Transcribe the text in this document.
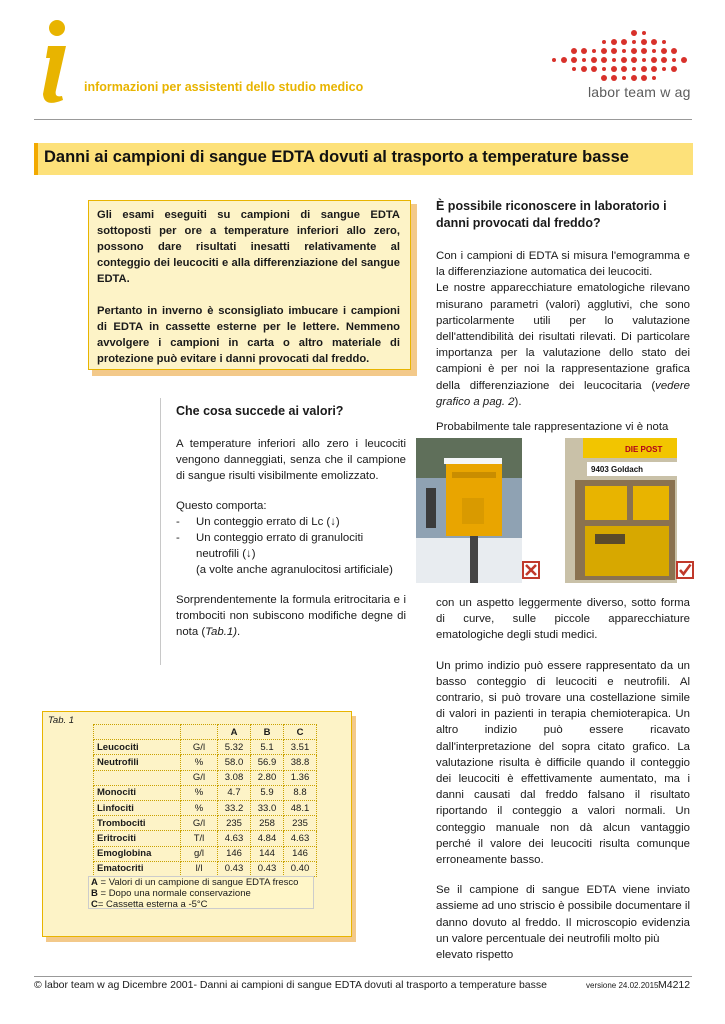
informazioni per assistenti dello studio medico	labor team w ag
Danni ai campioni di sangue EDTA dovuti al trasporto a temperature basse

Gli esami eseguiti su campioni di sangue EDTA sottoposti per ore a temperature inferiori allo zero, possono dare risultati inesatti relativamente al conteggio dei leucociti e alla differenziazione del sangue EDTA.

Pertanto in inverno è sconsigliato imbucare i campioni di EDTA in cassette esterne per le lettere. Nemmeno avvolgere i campioni in carta o altro materiale di protezione può evitare i danni provocati dal freddo.

Che cosa succede ai valori?

A temperature inferiori allo zero i leucociti vengono danneggiati, senza che il campione di sangue risulti visibilmente emolizzato.

Questo comporta:

- Un conteggio errato di Lc (↓)
- Un conteggio errato di granulociti neutrofili (↓)
(a volte anche agranulocitosi artificiale)

Sorprendentemente la formula eritrocitaria e i trombociti non subiscono modifiche degne di nota (Tab.1).

È possibile riconoscere in laboratorio i danni provocati dal freddo?

Con i campioni di EDTA si misura l'emogramma e la differenziazione automatica dei leucociti.

Le nostre apparecchiature ematologiche rilevano misurano parametri (valori) agglutivi, che sono particolarmente utili per lo valutazione dell'attendibilità dei risultati rilevati. Di particolare importanza per la valutazione dello stato dei campioni è per noi la rappresentazione grafica della differenziazione dei leucocitaria (vedere grafico a pag. 2).

Probabilmente tale rappresentazione vi è nota
DIE POST
9403 Goldach

con un aspetto leggermente diverso, sotto forma di curve, sulle piccole apparecchiature ematologiche degli studi medici.

Un primo indizio può essere rappresentato da un basso conteggio di leucociti e neutrofili. Al contrario, si può trovare una costellazione simile di valori in pazienti in terapia chemioterapica. Un altro indizio può essere ricavato dall'interpretazione del sopra citato grafico. La valutazione risulta è difficile quando il conteggio dei leucociti è effettivamente aumentato, ma i danni causati dal freddo falsano il risultato riportando il conteggio a valori normali. Un conteggio manuale non dà alcun vantaggio perché il valore dei leucociti risulta comunque erroneamente basso.

Se il campione di sangue EDTA viene inviato assieme ad uno striscio è possibile documentare il danno dovuto al freddo. Il microscopio evidenzia un valore percentuale dei neutrofili molto più

elevato rispetto

Tab. 1
		A	B	C
Leucociti	G/l	5.32	5.1	3.51
Neutrofili	%	58.0	56.9	38.8
	G/l	3.08	2.80	1.36
Monociti	%	4.7	5.9	8.8
Linfociti	%	33.2	33.0	48.1
Trombociti	G/l	235	258	235
Eritrociti	T/l	4.63	4.84	4.63
Emoglobina	g/l	146	144	146
Ematocriti	l/l	0.43	0.43	0.40
A = Valori di un campione di sangue EDTA fresco
B = Dopo una normale conservazione
C= Cassetta esterna a -5°C
© labor team w ag Dicembre 2001- Danni ai campioni di sangue EDTA dovuti al trasporto a temperature basse	versione 24.02.2015 M4212
